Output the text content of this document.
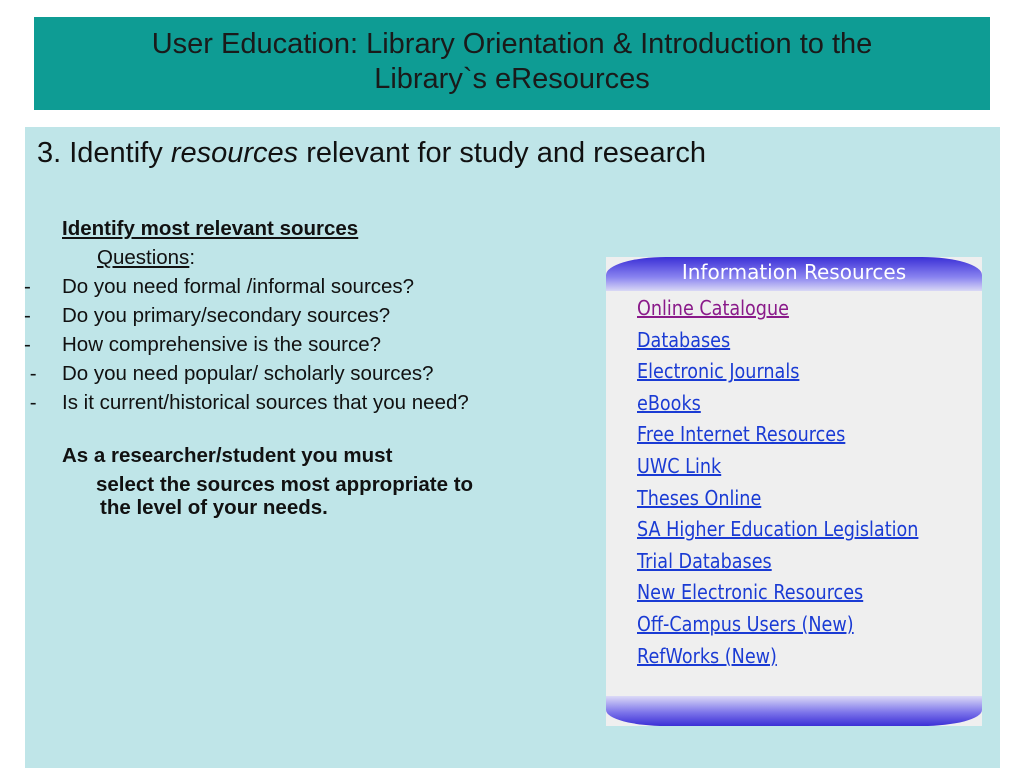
User Education: Library Orientation & Introduction to the
Library`s eResources
3. Identify resources relevant for study and research
Identify most relevant sources
Questions:
- Do you need formal /informal sources?
-  Do you primary/secondary sources?
-  How comprehensive is the source?
-  Do you need popular/ scholarly sources?
- Is it current/historical sources that you need?
As a researcher/student you must
select the sources most appropriate to the level of your needs.
Information Resources
Online Catalogue
Databases
Electronic Journals
eBooks
Free Internet Resources
UWC Link
Theses Online
SA Higher Education Legislation
Trial Databases
New Electronic Resources
Off-Campus Users (New)
RefWorks (New)
